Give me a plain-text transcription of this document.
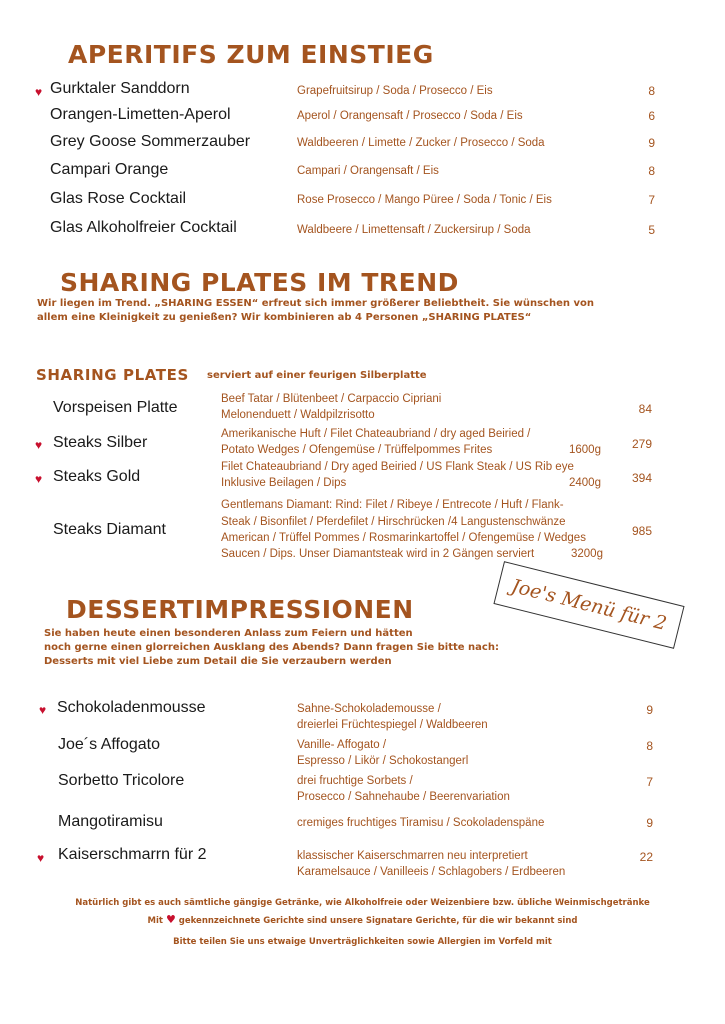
APERITIFS ZUM EINSTIEG
♥ Gurktaler Sanddorn	Grapefruitsirup / Soda / Prosecco / Eis	8
Orangen-Limetten-Aperol	Aperol / Orangensaft / Prosecco / Soda / Eis	6
Grey Goose Sommerzauber	Waldbeeren / Limette / Zucker / Prosecco / Soda	9
Campari Orange	Campari / Orangensaft / Eis	8
Glas Rose Cocktail	Rose Prosecco / Mango Püree / Soda / Tonic / Eis	7
Glas Alkoholfreier Cocktail	Waldbeere / Limettensaft / Zuckersirup / Soda	5
SHARING PLATES IM TREND
Wir liegen im Trend. „SHARING ESSEN“ erfreut sich immer größerer Beliebtheit. Sie wünschen von
allem eine Kleinigkeit zu genießen? Wir kombinieren ab 4 Personen „SHARING PLATES“
SHARING PLATES serviert auf einer feurigen Silberplatte
Vorspeisen Platte	Beef Tatar / Blütenbeet / Carpaccio Cipriani
Melonenduett / Waldpilzrisotto	84
♥ Steaks Silber	Amerikanische Huft / Filet Chateaubriand / dry aged Beiried /
Potato Wedges / Ofengemüse / Trüffelpommes Frites	1600g	279
♥ Steaks Gold
Filet Chateaubriand / Dry aged Beiried / US Flank Steak / US Rib eye
Inklusive Beilagen / Dips	2400g	394
Steaks Diamant
Gentlemans Diamant: Rind: Filet / Ribeye / Entrecote / Huft / Flank-
Steak / Bisonfilet / Pferdefilet / Hirschrücken /4 Langustenschwänze
American / Trüffel Pommes / Rosmarinkartoffel / Ofengemüse / Wedges
Saucen / Dips. Unser Diamantsteak wird in 2 Gängen serviert	3200g
985
Joe's Menü für 2
DESSERTIMPRESSIONEN
Sie haben heute einen besonderen Anlass zum Feiern und hätten
noch gerne einen glorreichen Ausklang des Abends? Dann fragen Sie bitte nach:
Desserts mit viel Liebe zum Detail die Sie verzaubern werden
♥ Schokoladenmousse	Sahne-Schokolademousse /
dreierlei Früchtespiegel / Waldbeeren
9
Joe´s Affogato	Vanille- Affogato /
Espresso / Likör / Schokostangerl
8
Sorbetto Tricolore	drei fruchtige Sorbets /
Prosecco / Sahnehaube / Beerenvariation
7
Mangotiramisu	cremiges fruchtiges Tiramisu / Scokoladenspäne	9
♥ Kaiserschmarrn für 2	klassischer Kaiserschmarren neu interpretiert
Karamelsauce / Vanilleeis / Schlagobers / Erdbeeren
22
Natürlich gibt es auch sämtliche gängige Getränke, wie Alkoholfreie oder Weizenbiere bzw. übliche Weinmischgetränke
Mit ♥ gekennzeichnete Gerichte sind unsere Signatare Gerichte, für die wir bekannt sind
Bitte teilen Sie uns etwaige Unverträglichkeiten sowie Allergien im Vorfeld mit
